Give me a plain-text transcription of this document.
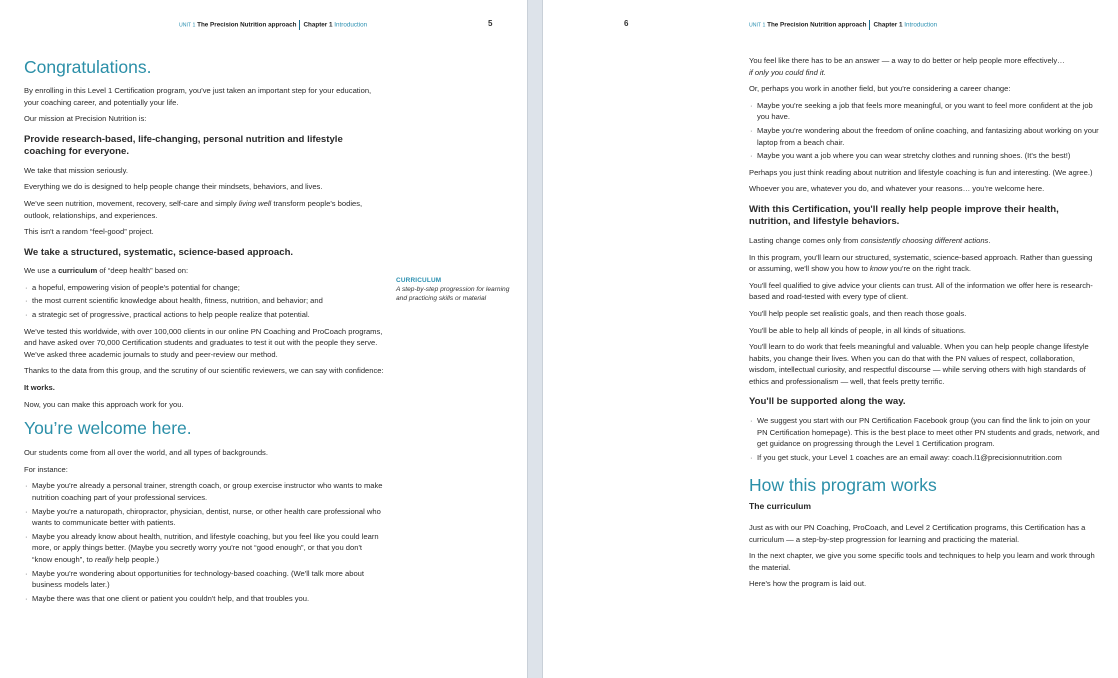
UNIT 1 The Precision Nutrition approach Chapter 1 Introduction	5
Congratulations.

By enrolling in this Level 1 Certification program, you've just taken an important step for your education, your coaching career, and potentially your life.

Our mission at Precision Nutrition is:

Provide research-based, life-changing, personal nutrition and lifestyle coaching for everyone.

We take that mission seriously.

Everything we do is designed to help people change their mindsets, behaviors, and lives.

We've seen nutrition, movement, recovery, self-care and simply living well transform people's bodies, outlook, relationships, and experiences.

This isn't a random “feel-good” project.

We take a structured, systematic, science-based approach.

We use a curriculum of “deep health” based on:

· a hopeful, empowering vision of people's potential for change;
· the most current scientific knowledge about health, fitness, nutrition, and behavior; and
· a strategic set of progressive, practical actions to help people realize that potential.

We've tested this worldwide, with over 100,000 clients in our online PN Coaching and ProCoach programs, and have asked over 70,000 Certification students and graduates to test it out with the people they serve. We've asked three academic journals to study and peer-review our method.

Thanks to the data from this group, and the scrutiny of our scientific reviewers, we can say with confidence:

It works.

Now, you can make this approach work for you.

You’re welcome here.

Our students come from all over the world, and all types of backgrounds.

For instance:

· Maybe you're already a personal trainer, strength coach, or group exercise instructor who wants to make nutrition coaching part of your professional services.
· Maybe you're a naturopath, chiropractor, physician, dentist, nurse, or other health care professional who wants to communicate better with patients.
· Maybe you already know about health, nutrition, and lifestyle coaching, but you feel like you could learn more, or apply things better. (Maybe you secretly worry you're not “good enough”, or that you don't “know enough”, to really help people.)
· Maybe you're wondering about opportunities for technology-based coaching. (We'll talk more about business models later.)
· Maybe there was that one client or patient you couldn't help, and that troubles you.
CURRICULUM
A step-by-step progression for learning and practicing skills or material
6	UNIT 1 The Precision Nutrition approach Chapter 1 Introduction

You feel like there has to be an answer — a way to do better or help people more effectively…
if only you could find it.

Or, perhaps you work in another field, but you're considering a career change:

· Maybe you're seeking a job that feels more meaningful, or you want to feel more confident at the job you have.
· Maybe you're wondering about the freedom of online coaching, and fantasizing about working on your laptop from a beach chair.
· Maybe you want a job where you can wear stretchy clothes and running shoes. (It's the best!)

Perhaps you just think reading about nutrition and lifestyle coaching is fun and interesting. (We agree.)

Whoever you are, whatever you do, and whatever your reasons… you're welcome here.

With this Certification, you'll really help people improve their health, nutrition, and lifestyle behaviors.

Lasting change comes only from consistently choosing different actions.

In this program, you'll learn our structured, systematic, science-based approach. Rather than guessing or assuming, we'll show you how to know you're on the right track.

You'll feel qualified to give advice your clients can trust. All of the information we offer here is research-based and road-tested with every type of client.

You'll help people set realistic goals, and then reach those goals.

You'll be able to help all kinds of people, in all kinds of situations.

You'll learn to do work that feels meaningful and valuable. When you can help people change lifestyle habits, you change their lives. When you can do that with the PN values of respect, collaboration, wisdom, intellectual curiosity, and respectful discourse — while serving others with high standards of ethics and professionalism — well, that feels pretty terrific.

You'll be supported along the way.
· We suggest you start with our PN Certification Facebook group (you can find the link to join on your PN Certification homepage). This is the best place to meet other PN students and grads, network, and get guidance on progressing through the Level 1 Certification program.
· If you get stuck, your Level 1 coaches are an email away: coach.l1@precisionnutrition.com
How this program works
The curriculum

Just as with our PN Coaching, ProCoach, and Level 2 Certification programs, this Certification has a curriculum — a step-by-step progression for learning and practicing the material.

In the next chapter, we give you some specific tools and techniques to help you learn and work through the material.

Here's how the program is laid out.
